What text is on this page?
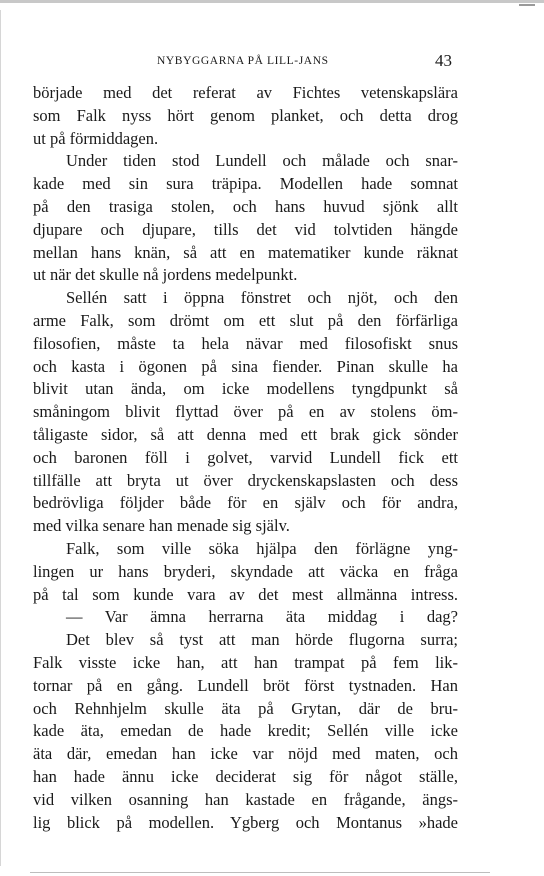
NYBYGGARNA PÅ LILL-JANS	43
började med det referat av Fichtes vetenskapslära
som Falk nyss hört genom planket, och detta drog
ut på förmiddagen.
Under tiden stod Lundell och målade och snar-
kade med sin sura träpipa. Modellen hade somnat
på den trasiga stolen, och hans huvud sjönk allt
djupare och djupare, tills det vid tolvtiden hängde
mellan hans knän, så att en matematiker kunde räknat
ut när det skulle nå jordens medelpunkt.
Sellén satt i öppna fönstret och njöt, och den
arme Falk, som drömt om ett slut på den förfärliga
filosofien, måste ta hela nävar med filosofiskt snus
och kasta i ögonen på sina fiender. Pinan skulle ha
blivit utan ända, om icke modellens tyngdpunkt så
småningom blivit flyttad över på en av stolens öm-
tåligaste sidor, så att denna med ett brak gick sönder
och baronen föll i golvet, varvid Lundell fick ett
tillfälle att bryta ut över dryckenskapslasten och dess
bedrövliga följder både för en själv och för andra,
med vilka senare han menade sig själv.
Falk, som ville söka hjälpa den förlägne yng-
lingen ur hans bryderi, skyndade att väcka en fråga
på tal som kunde vara av det mest allmänna intress.
— Var ämna herrarna äta middag i dag?
Det blev så tyst att man hörde flugorna surra;
Falk visste icke han, att han trampat på fem lik-
tornar på en gång. Lundell bröt först tystnaden. Han
och Rehnhjelm skulle äta på Grytan, där de bru-
kade äta, emedan de hade kredit; Sellén ville icke
äta där, emedan han icke var nöjd med maten, och
han hade ännu icke deciderat sig för något ställe,
vid vilken osanning han kastade en frågande, ängs-
lig blick på modellen. Ygberg och Montanus »hade
